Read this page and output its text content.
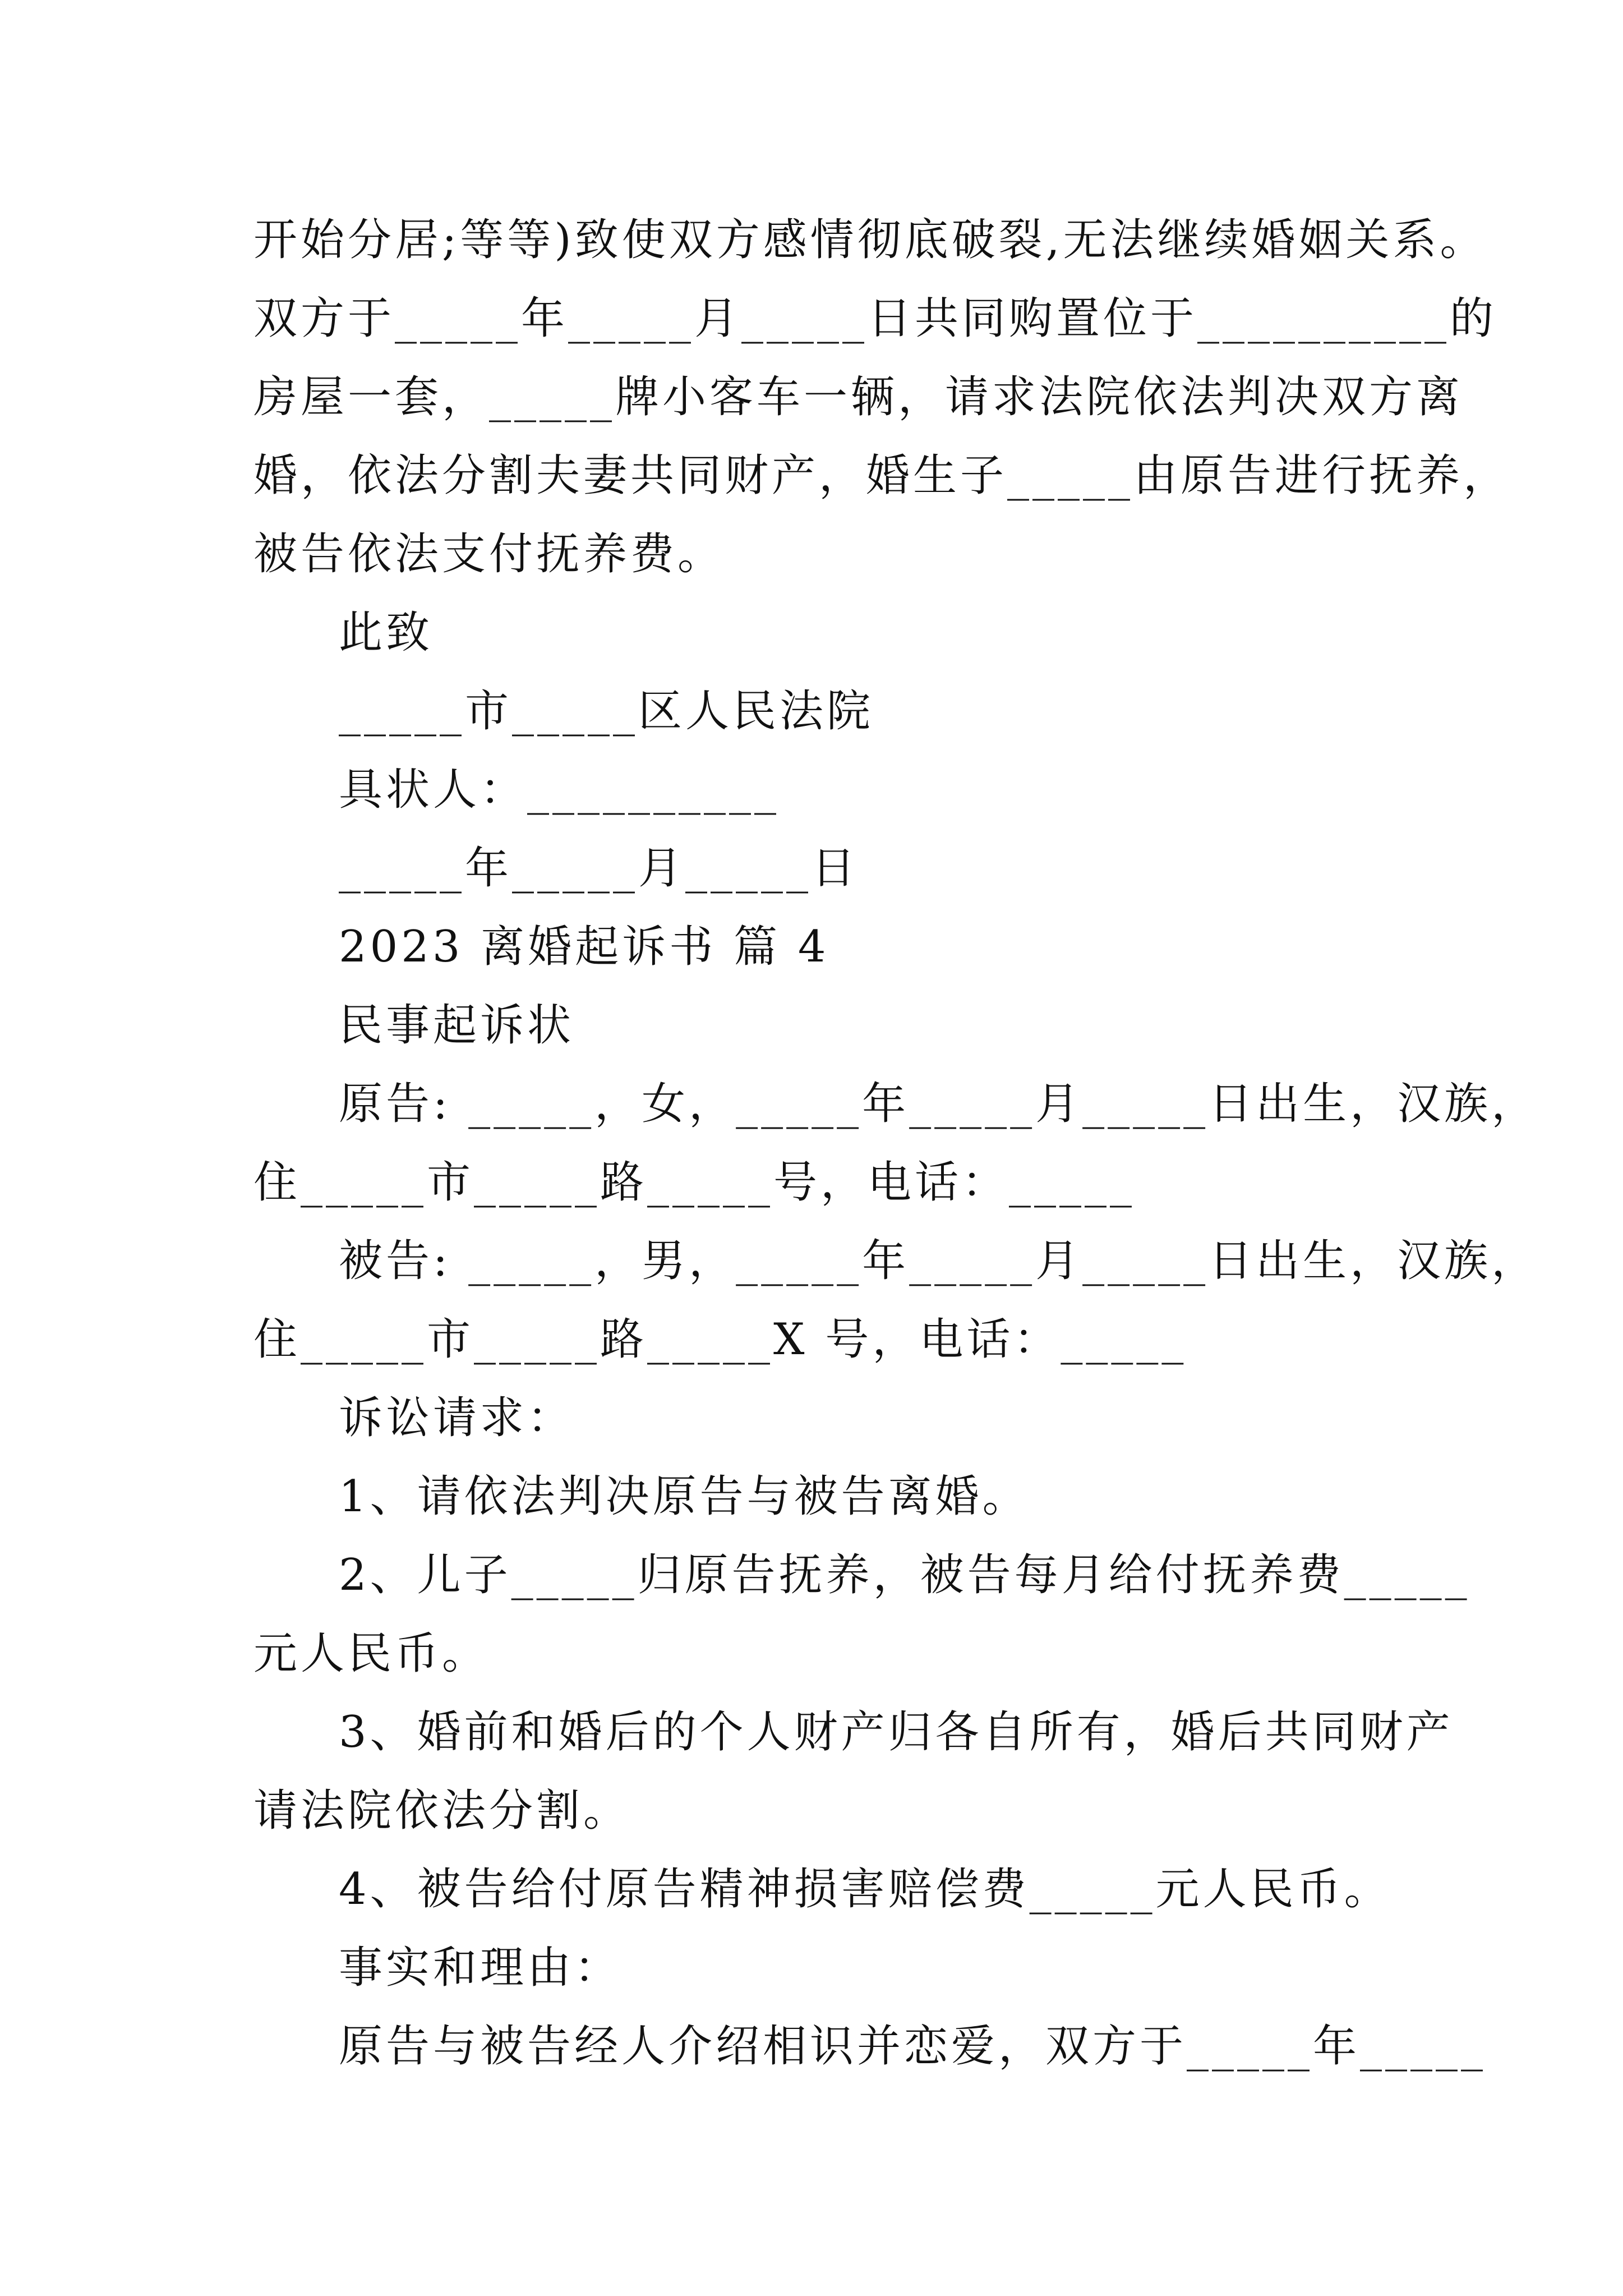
开始分居;等等)致使双方感情彻底破裂,无法继续婚姻关系。
双方于_____年_____月_____日共同购置位于__________的
房屋一套，_____牌小客车一辆，请求法院依法判决双方离
婚，依法分割夫妻共同财产，婚生子_____由原告进行抚养，
被告依法支付抚养费。
此致
_____市_____区人民法院
具状人：__________
_____年_____月_____日
2023 离婚起诉书 篇 4
民事起诉状
原告: _____，女，_____年_____月_____日出生，汉族，
住_____市_____路_____号，电话：_____
被告: _____，男，_____年_____月_____日出生，汉族，
住_____市_____路_____X 号，电话：_____
诉讼请求：
1、请依法判决原告与被告离婚。
2、儿子_____归原告抚养，被告每月给付抚养费_____
元人民币。
3、婚前和婚后的个人财产归各自所有，婚后共同财产
请法院依法分割。
4、被告给付原告精神损害赔偿费_____元人民币。
事实和理由：
原告与被告经人介绍相识并恋爱，双方于_____年_____
